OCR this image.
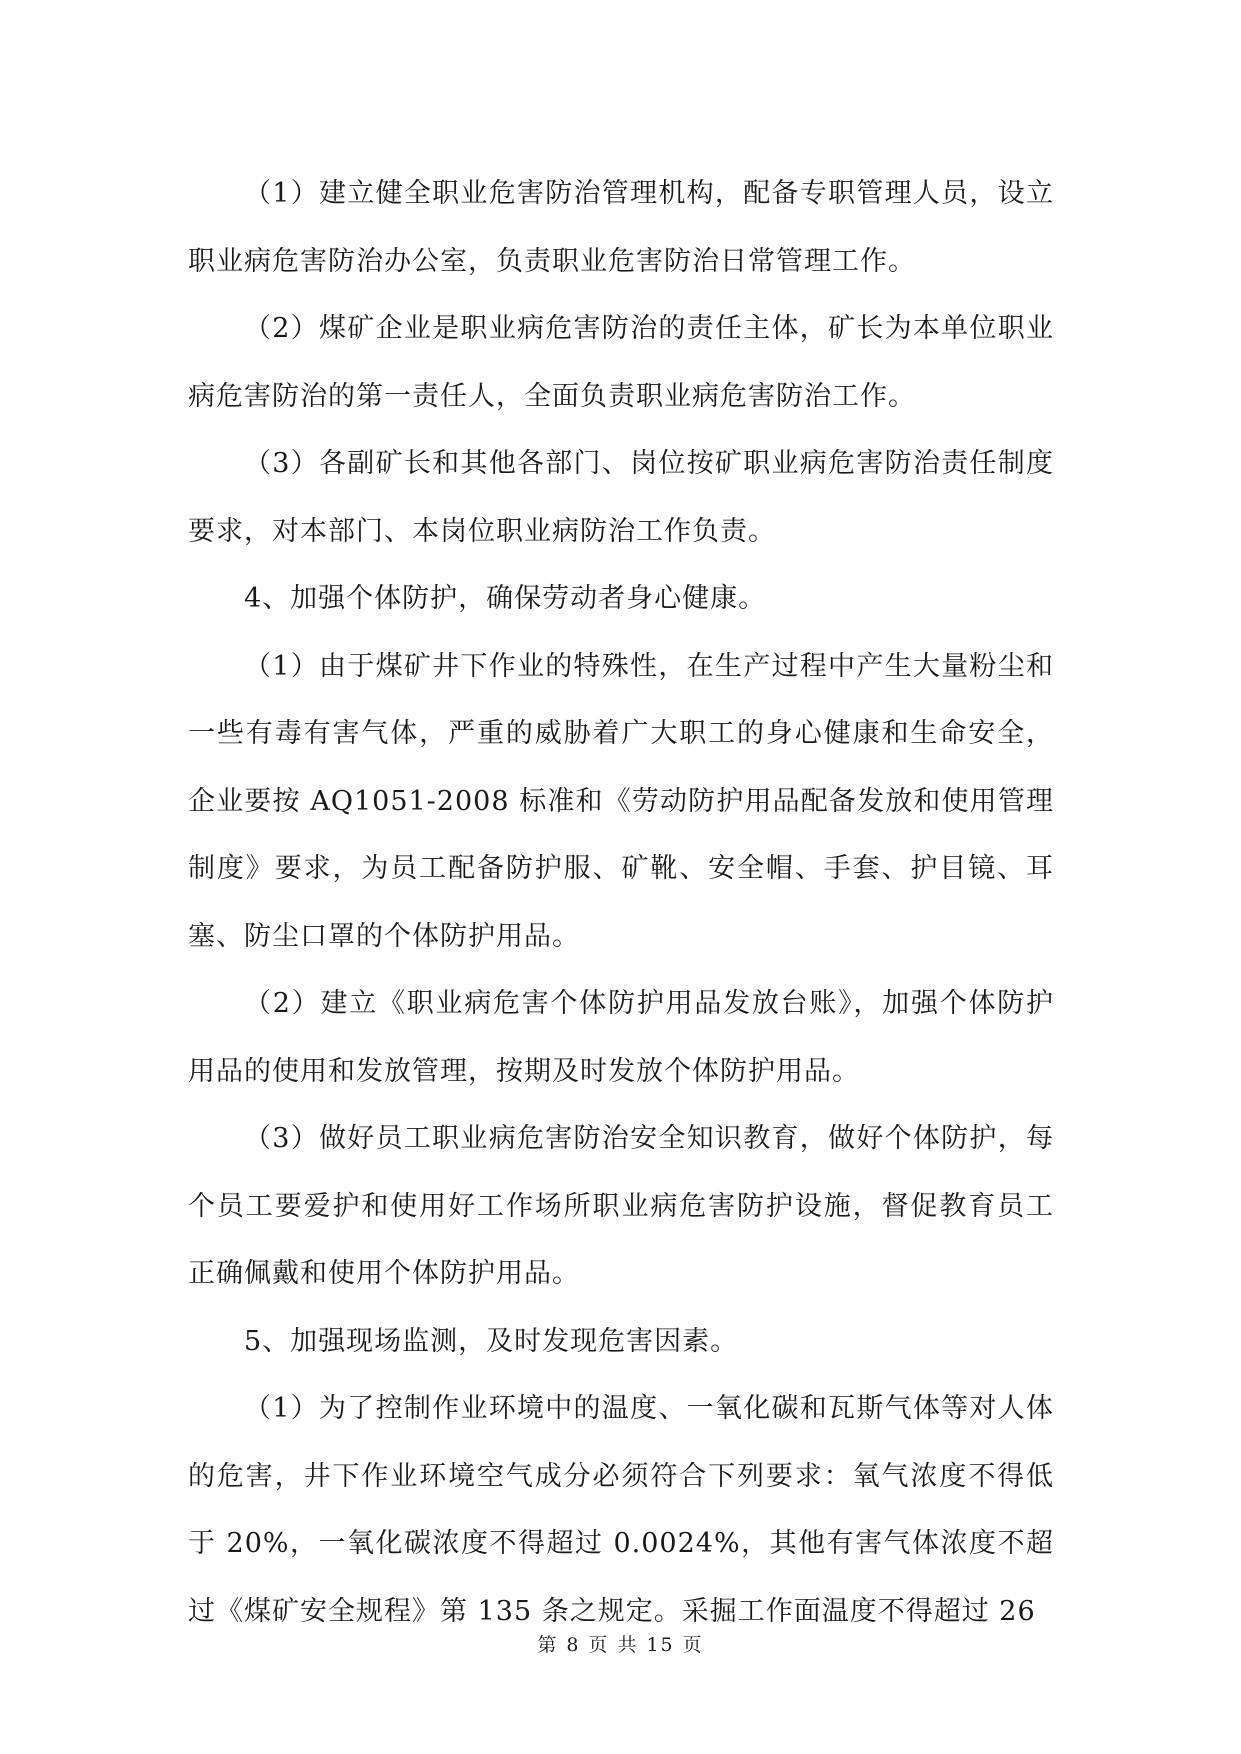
（1）建立健全职业危害防治管理机构，配备专职管理人员，设立职业病危害防治办公室，负责职业危害防治日常管理工作。

（2）煤矿企业是职业病危害防治的责任主体，矿长为本单位职业病危害防治的第一责任人，全面负责职业病危害防治工作。

（3）各副矿长和其他各部门、岗位按矿职业病危害防治责任制度要求，对本部门、本岗位职业病防治工作负责。

4、加强个体防护，确保劳动者身心健康。

（1）由于煤矿井下作业的特殊性，在生产过程中产生大量粉尘和一些有毒有害气体，严重的威胁着广大职工的身心健康和生命安全，企业要按 AQ1051-2008 标准和《劳动防护用品配备发放和使用管理制度》要求，为员工配备防护服、矿靴、安全帽、手套、护目镜、耳塞、防尘口罩的个体防护用品。

（2）建立《职业病危害个体防护用品发放台账》，加强个体防护用品的使用和发放管理，按期及时发放个体防护用品。

（3）做好员工职业病危害防治安全知识教育，做好个体防护，每个员工要爱护和使用好工作场所职业病危害防护设施，督促教育员工正确佩戴和使用个体防护用品。

5、加强现场监测，及时发现危害因素。

（1）为了控制作业环境中的温度、一氧化碳和瓦斯气体等对人体的危害，井下作业环境空气成分必须符合下列要求：氧气浓度不得低于 20%，一氧化碳浓度不得超过 0.0024%，其他有害气体浓度不超过《煤矿安全规程》第 135 条之规定。采掘工作面温度不得超过 26

第 8 页 共 15 页
